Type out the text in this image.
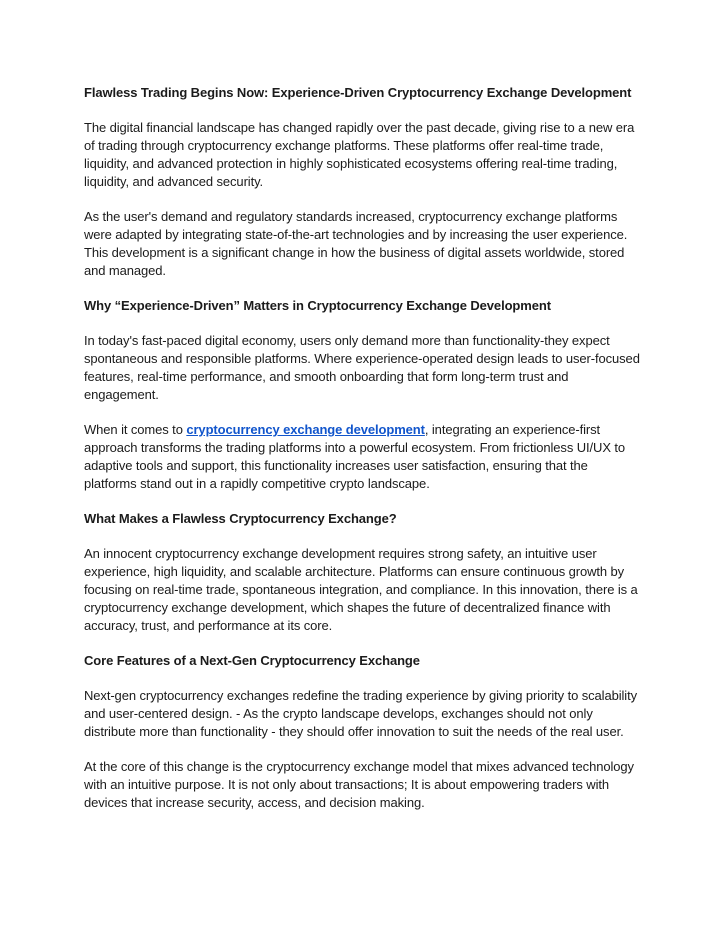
Flawless Trading Begins Now: Experience-Driven Cryptocurrency Exchange Development
The digital financial landscape has changed rapidly over the past decade, giving rise to a new era of trading through cryptocurrency exchange platforms. These platforms offer real-time trade, liquidity, and advanced protection in highly sophisticated ecosystems offering real-time trading, liquidity, and advanced security.
As the user's demand and regulatory standards increased, cryptocurrency exchange platforms were adapted by integrating state-of-the-art technologies and by increasing the user experience. This development is a significant change in how the business of digital assets worldwide, stored and managed.
Why “Experience-Driven” Matters in Cryptocurrency Exchange Development
In today's fast-paced digital economy, users only demand more than functionality-they expect spontaneous and responsible platforms. Where experience-operated design leads to user-focused features, real-time performance, and smooth onboarding that form long-term trust and engagement.
When it comes to cryptocurrency exchange development, integrating an experience-first approach transforms the trading platforms into a powerful ecosystem. From frictionless UI/UX to adaptive tools and support, this functionality increases user satisfaction, ensuring that the platforms stand out in a rapidly competitive crypto landscape.
What Makes a Flawless Cryptocurrency Exchange?
An innocent cryptocurrency exchange development requires strong safety, an intuitive user experience, high liquidity, and scalable architecture. Platforms can ensure continuous growth by focusing on real-time trade, spontaneous integration, and compliance. In this innovation, there is a cryptocurrency exchange development, which shapes the future of decentralized finance with accuracy, trust, and performance at its core.
Core Features of a Next-Gen Cryptocurrency Exchange
Next-gen cryptocurrency exchanges redefine the trading experience by giving priority to scalability and user-centered design. - As the crypto landscape develops, exchanges should not only distribute more than functionality - they should offer innovation to suit the needs of the real user.
At the core of this change is the cryptocurrency exchange model that mixes advanced technology with an intuitive purpose. It is not only about transactions; It is about empowering traders with devices that increase security, access, and decision making.
